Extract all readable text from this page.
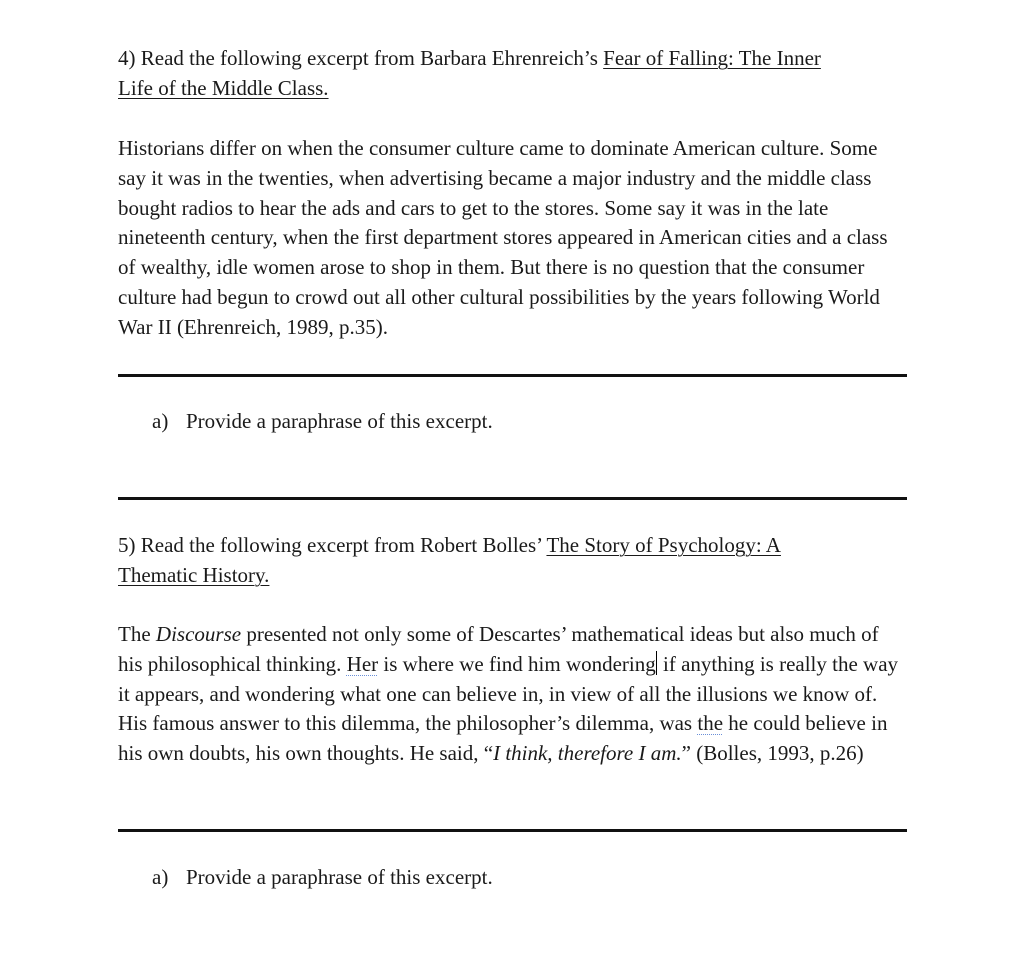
4) Read the following excerpt from Barbara Ehrenreich’s Fear of Falling: The Inner
Life of the Middle Class.

Historians differ on when the consumer culture came to dominate American culture. Some say it was in the twenties, when advertising became a major industry and the middle class bought radios to hear the ads and cars to get to the stores. Some say it was in the late nineteenth century, when the first department stores appeared in American cities and a class of wealthy, idle women arose to shop in them. But there is no question that the consumer culture had begun to crowd out all other cultural possibilities by the years following World War II (Ehrenreich, 1989, p.35).

a) Provide a paraphrase of this excerpt.

5) Read the following excerpt from Robert Bolles’ The Story of Psychology: A
Thematic History.

The Discourse presented not only some of Descartes’ mathematical ideas but also much of his philosophical thinking. Her is where we find him wondering if anything is really the way it appears, and wondering what one can believe in, in view of all the illusions we know of. His famous answer to this dilemma, the philosopher’s dilemma, was the he could believe in his own doubts, his own thoughts. He said, “I think, therefore I am.” (Bolles, 1993, p.26)

a) Provide a paraphrase of this excerpt.
